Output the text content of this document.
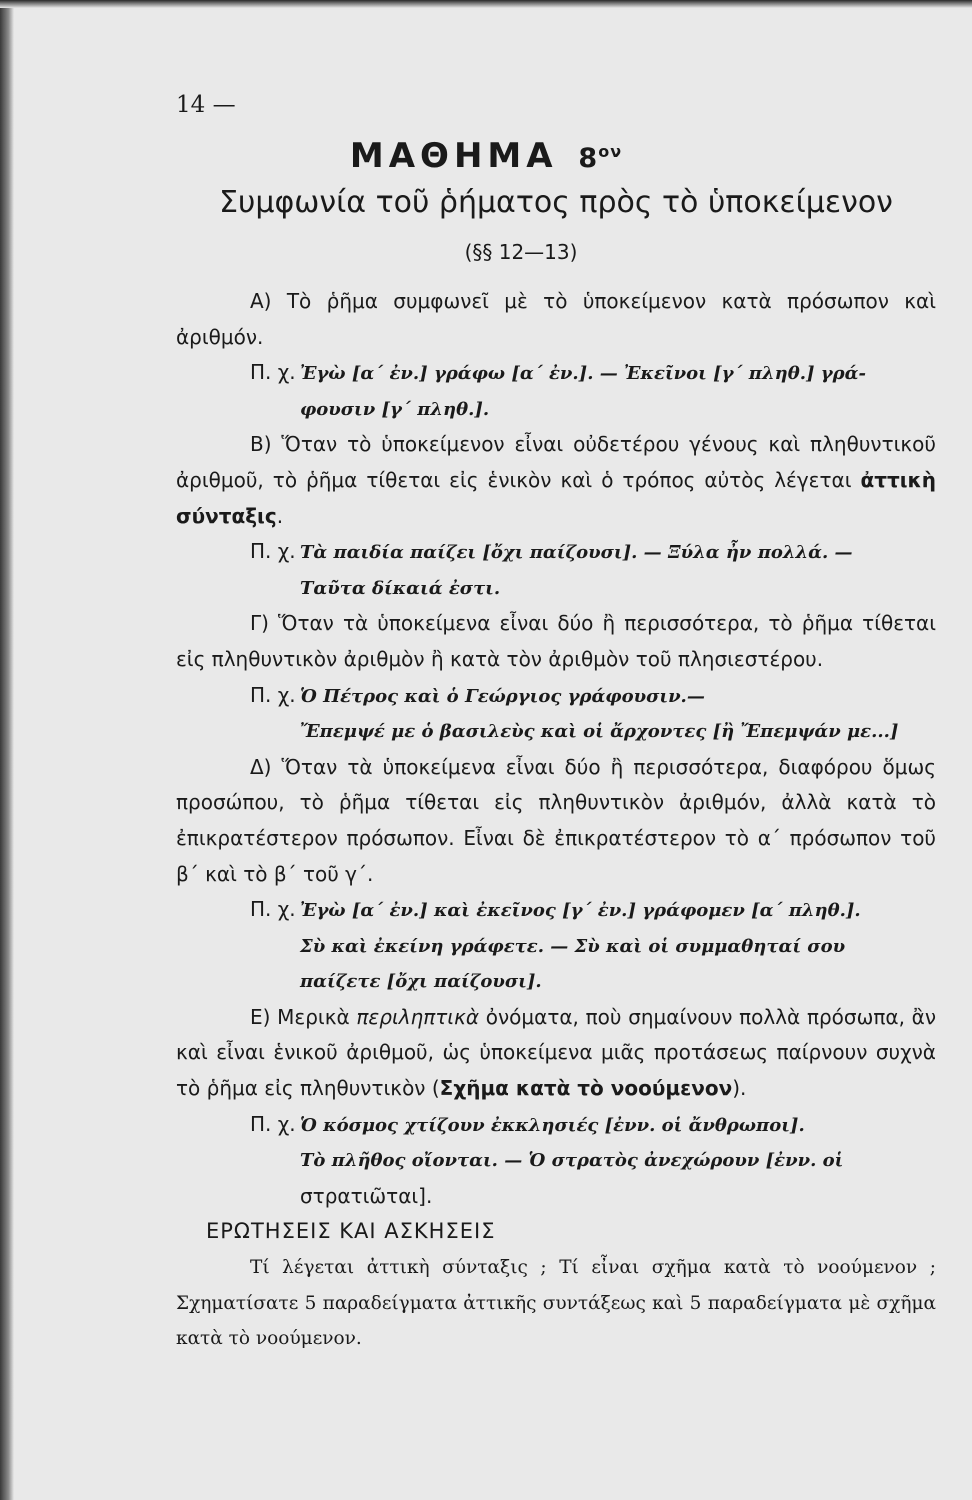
14 —
ΜΑΘΗΜΑ $8^{o\nu}$
Συμφωνία τοῦ ῥήματος πρὸς τὸ ὑποκείμενον
(§§ 12—13)

Α) Τὸ ῥῆμα συμφωνεῖ μὲ τὸ ὑποκείμενον κατὰ πρόσωπον καὶ ἀριθμόν.

Π. χ. Ἐγὼ [α΄ ἐν.] γράφω [α΄ ἐν.]. — Ἐκεῖνοι [γ΄ πληθ.] γρά-

φουσιν [γ΄ πληθ.].

Β) Ὅταν τὸ ὑποκείμενον εἶναι οὐδετέρου γένους καὶ πληθυντικοῦ ἀριθμοῦ, τὸ ῥῆμα τίθεται εἰς ἑνικὸν καὶ ὁ τρόπος αὐτὸς λέγεται ἀττικὴ σύνταξις.

Π. χ. Τὰ παιδία παίζει [ὄχι παίζουσι]. — Ξύλα ἦν πολλά. —

Ταῦτα δίκαιά ἐστι.

Γ) Ὅταν τὰ ὑποκείμενα εἶναι δύο ἢ περισσότερα, τὸ ῥῆμα τίθεται εἰς πληθυντικὸν ἀριθμὸν ἢ κατὰ τὸν ἀριθμὸν τοῦ πλησιεστέρου.

Π. χ. Ὁ Πέτρος καὶ ὁ Γεώργιος γράφουσιν.—

Ἔπεμψέ με ὁ βασιλεὺς καὶ οἱ ἄρχοντες [ἢ Ἔπεμψάν με...]

Δ) Ὅταν τὰ ὑποκείμενα εἶναι δύο ἢ περισσότερα, διαφόρου ὅμως προσώπου, τὸ ῥῆμα τίθεται εἰς πληθυντικὸν ἀριθμόν, ἀλλὰ κατὰ τὸ ἐπικρατέστερον πρόσωπον. Εἶναι δὲ ἐπικρατέστερον τὸ α΄ πρόσωπον τοῦ β΄ καὶ τὸ β΄ τοῦ γ΄.

Π. χ. Ἐγὼ [α΄ ἐν.] καὶ ἐκεῖνος [γ΄ ἐν.] γράφομεν [α΄ πληθ.].

Σὺ καὶ ἐκείνη γράφετε. — Σὺ καὶ οἱ συμμαθηταί σου

παίζετε [ὄχι παίζουσι].

Ε) Μερικὰ περιληπτικὰ ὀνόματα, ποὺ σημαίνουν πολλὰ πρόσωπα, ἂν καὶ εἶναι ἑνικοῦ ἀριθμοῦ, ὡς ὑποκείμενα μιᾶς προτάσεως παίρνουν συχνὰ τὸ ῥῆμα εἰς πληθυντικὸν (Σχῆμα κατὰ τὸ νοούμενον).

Π. χ. Ὁ κόσμος χτίζουν ἐκκλησιές [ἐνν. οἱ ἄνθρωποι].

Τὸ πλῆθος οἴονται. — Ὁ στρατὸς ἀνεχώρουν [ἐνν. οἱ

στρατιῶται].

ΕΡΩΤΗΣΕΙΣ ΚΑΙ ΑΣΚΗΣΕΙΣ

Τί λέγεται ἀττικὴ σύνταξις ; Τί εἶναι σχῆμα κατὰ τὸ νοούμενον ; Σχηματίσατε 5 παραδείγματα ἀττικῆς συντάξεως καὶ 5 παραδείγματα μὲ σχῆμα κατὰ τὸ νοούμενον.
